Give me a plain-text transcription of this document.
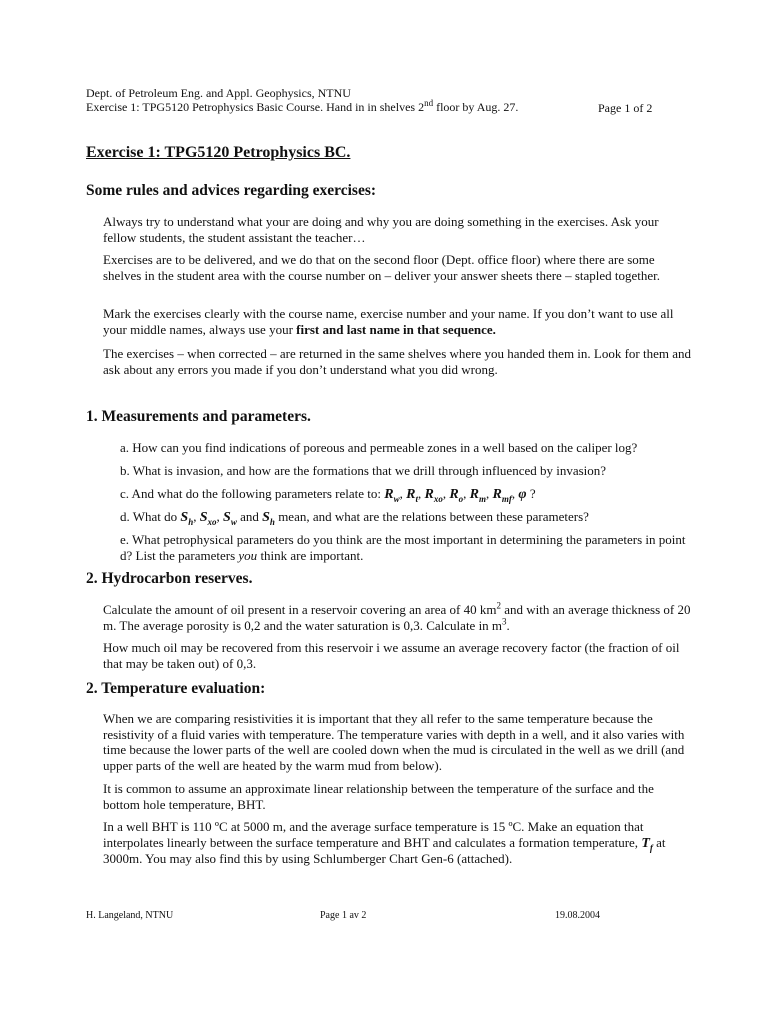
Dept. of Petroleum Eng. and Appl. Geophysics, NTNU
Exercise 1: TPG5120 Petrophysics Basic Course. Hand in in shelves 2nd floor by Aug. 27.	Page 1 of 2
Exercise 1: TPG5120 Petrophysics BC.
Some rules and advices regarding exercises:
Always try to understand what your are doing and why you are doing something in the exercises. Ask your fellow students, the student assistant the teacher…
Exercises are to be delivered, and we do that on the second floor (Dept. office floor) where there are some shelves in the student area with the course number on – deliver your answer sheets there – stapled together.
Mark the exercises clearly with the course name, exercise number and your name. If you don’t want to use all your middle names, always use your first and last name in that sequence.
The exercises – when corrected – are returned in the same shelves where you handed them in. Look for them and ask about any errors you made if you don’t understand what you did wrong.
1. Measurements and parameters.
a. How can you find indications of poreous and permeable zones in a well based on the caliper log?
b. What is invasion, and how are the formations that we drill through influenced by invasion?
c. And what do the following parameters relate to: $R_w$, $R_t$, $R_{xo}$, $R_o$, $R_m$, $R_{mf}$, φ ?
d. What do $S_h$, $S_{xo}$, $S_w$ and $S_h$ mean, and what are the relations between these parameters?
e. What petrophysical parameters do you think are the most important in determining the parameters in point d? List the parameters you think are important.
2. Hydrocarbon reserves.
Calculate the amount of oil present in a reservoir covering an area of 40 $km^2$ and with an average thickness of 20 m. The average porosity is 0,2 and the water saturation is 0,3. Calculate in $m^3$.
How much oil may be recovered from this reservoir i we assume an average recovery factor (the fraction of oil that may be taken out) of 0,3.
2. Temperature evaluation:
When we are comparing resistivities it is important that they all refer to the same temperature because the resistivity of a fluid varies with temperature. The temperature varies with depth in a well, and it also varies with time because the lower parts of the well are cooled down when the mud is circulated in the well as we drill (and upper parts of the well are heated by the warm mud from below).
It is common to assume an approximate linear relationship between the temperature of the surface and the bottom hole temperature, BHT.
In a well BHT is 110 ºC at 5000 m, and the average surface temperature is 15 ºC. Make an equation that interpolates linearly between the surface temperature and BHT and calculates a formation temperature, $T_f$ at 3000m. You may also find this by using Schlumberger Chart Gen-6 (attached).
H. Langeland, NTNU	Page 1 av 2	19.08.2004
